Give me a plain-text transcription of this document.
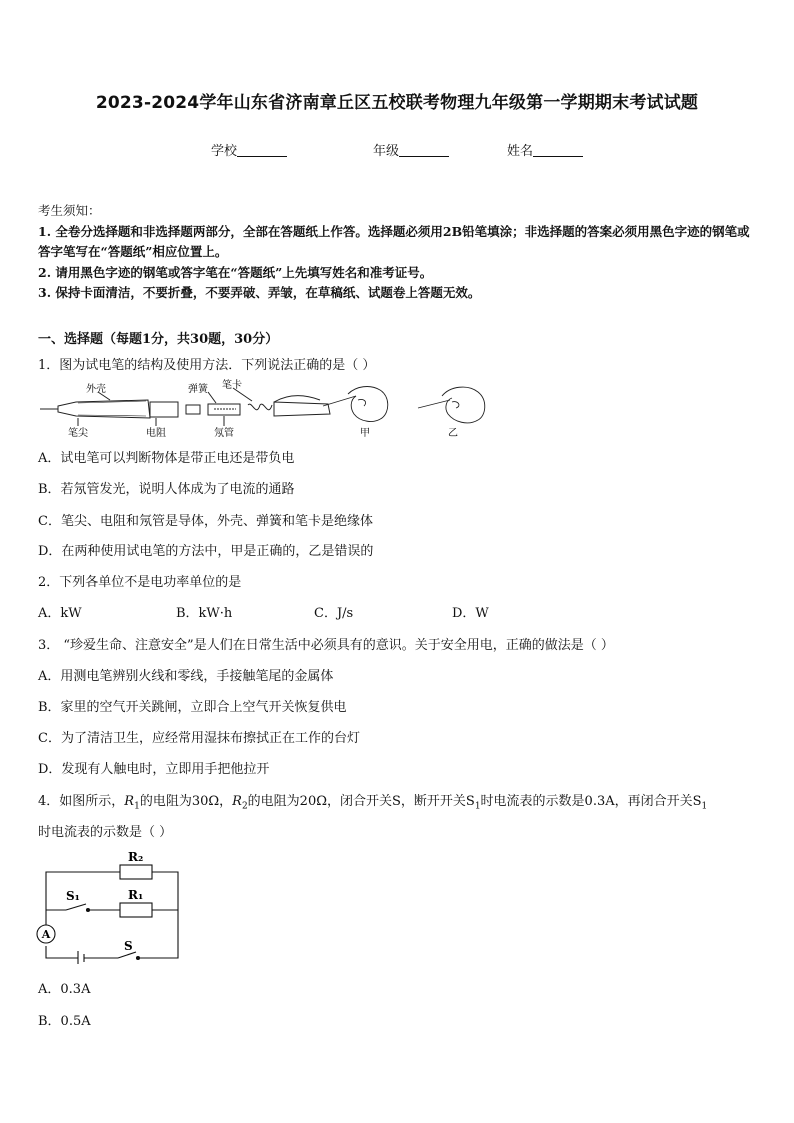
2023-2024学年山东省济南章丘区五校联考物理九年级第一学期期末考试试题
学校	年级	姓名
考生须知：
1. 全卷分选择题和非选择题两部分，全部在答题纸上作答。选择题必须用2B铅笔填涂；非选择题的答案必须用黑色字迹的钢笔或答字笔写在“答题纸”相应位置上。
2. 请用黑色字迹的钢笔或答字笔在“答题纸”上先填写姓名和准考证号。
3. 保持卡面清洁，不要折叠，不要弄破、弄皱，在草稿纸、试题卷上答题无效。
一、选择题（每题1分，共30题，30分）
1．图为试电笔的结构及使用方法．下列说法正确的是（ ）
外壳	弹簧 笔卡
笔尖	电阻	氖管	甲	乙
A．试电笔可以判断物体是带正电还是带负电
B．若氖管发光，说明人体成为了电流的通路
C．笔尖、电阻和氖管是导体，外壳、弹簧和笔卡是绝缘体
D．在两种使用试电笔的方法中，甲是正确的，乙是错误的
2．下列各单位不是电功率单位的是
A．kW	B．kW·h	C．J/s	D．W
3． “珍爱生命、注意安全”是人们在日常生活中必须具有的意识。关于安全用电，正确的做法是（ ）
A．用测电笔辨别火线和零线，手接触笔尾的金属体
B．家里的空气开关跳闸，立即合上空气开关恢复供电
C．为了清洁卫生，应经常用湿抹布擦拭正在工作的台灯
D．发现有人触电时，立即用手把他拉开
4．如图所示，$R_1$的电阻为30Ω，$R_2$的电阻为20Ω，闭合开关S，断开开关$S_1$时电流表的示数是0.3A，再闭合开关$S_1$
时电流表的示数是（ ）
A
R₂
R₁
S₁
S
A．0.3A
B．0.5A
